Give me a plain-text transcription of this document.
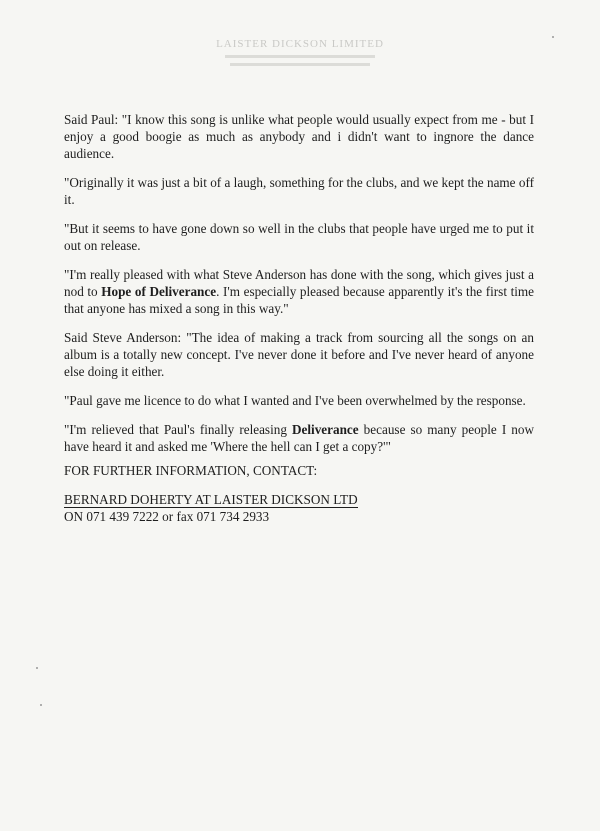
LAISTER DICKSON LIMITED

Said Paul: "I know this song is unlike what people would usually expect from me - but I enjoy a good boogie as much as anybody and i didn't want to ingnore the dance audience.

"Originally it was just a bit of a laugh, something for the clubs, and we kept the name off it.

"But it seems to have gone down so well in the clubs that people have urged me to put it out on release.

"I'm really pleased with what Steve Anderson has done with the song, which gives just a nod to Hope of Deliverance. I'm especially pleased because apparently it's the first time that anyone has mixed a song in this way."

Said Steve Anderson: "The idea of making a track from sourcing all the songs on an album is a totally new concept. I've never done it before and I've never heard of anyone else doing it either.

"Paul gave me licence to do what I wanted and I've been overwhelmed by the response.

"I'm relieved that Paul's finally releasing Deliverance because so many people I now have heard it and asked me 'Where the hell can I get a copy?'"

FOR FURTHER INFORMATION, CONTACT:

BERNARD DOHERTY AT LAISTER DICKSON LTD

ON 071 439 7222 or fax 071 734 2933
